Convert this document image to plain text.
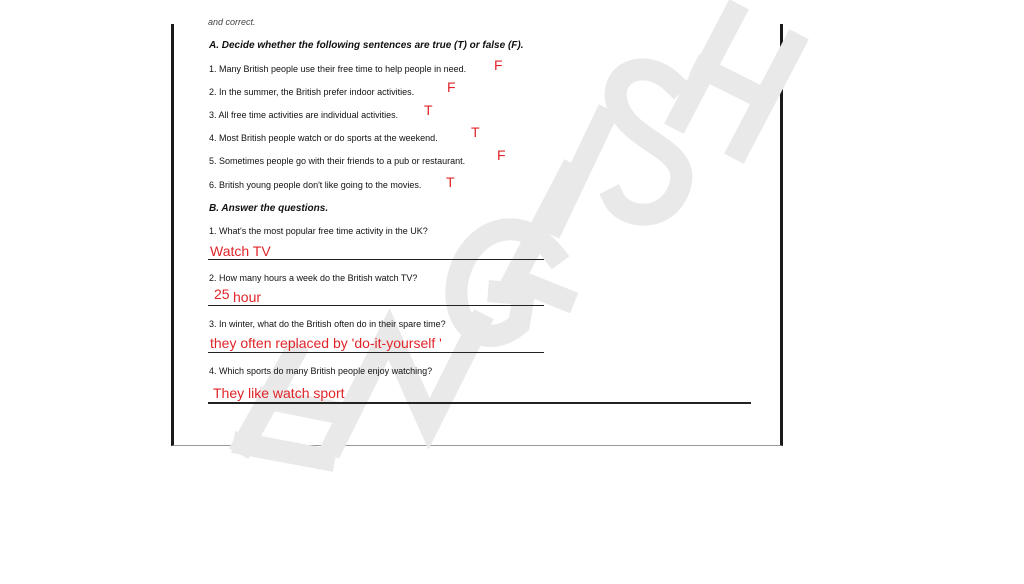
and correct.
A. Decide whether the following sentences are true (T) or false (F).
1. Many British people use their free time to help people in need. F
2. In the summer, the British prefer indoor activities. F
3. All free time activities are individual activities. T
4. Most British people watch or do sports at the weekend. T
5. Sometimes people go with their friends to a pub or restaurant. F
6. British young people don't like going to the movies. T
B. Answer the questions.
1. What's the most popular free time activity in the UK?
Watch TV
2. How many hours a week do the British watch TV?
25 hour
3. In winter, what do the British often do in their spare time?
they often replaced by 'do-it-yourself '
4. Which sports do many British people enjoy watching?
They like watch sport
